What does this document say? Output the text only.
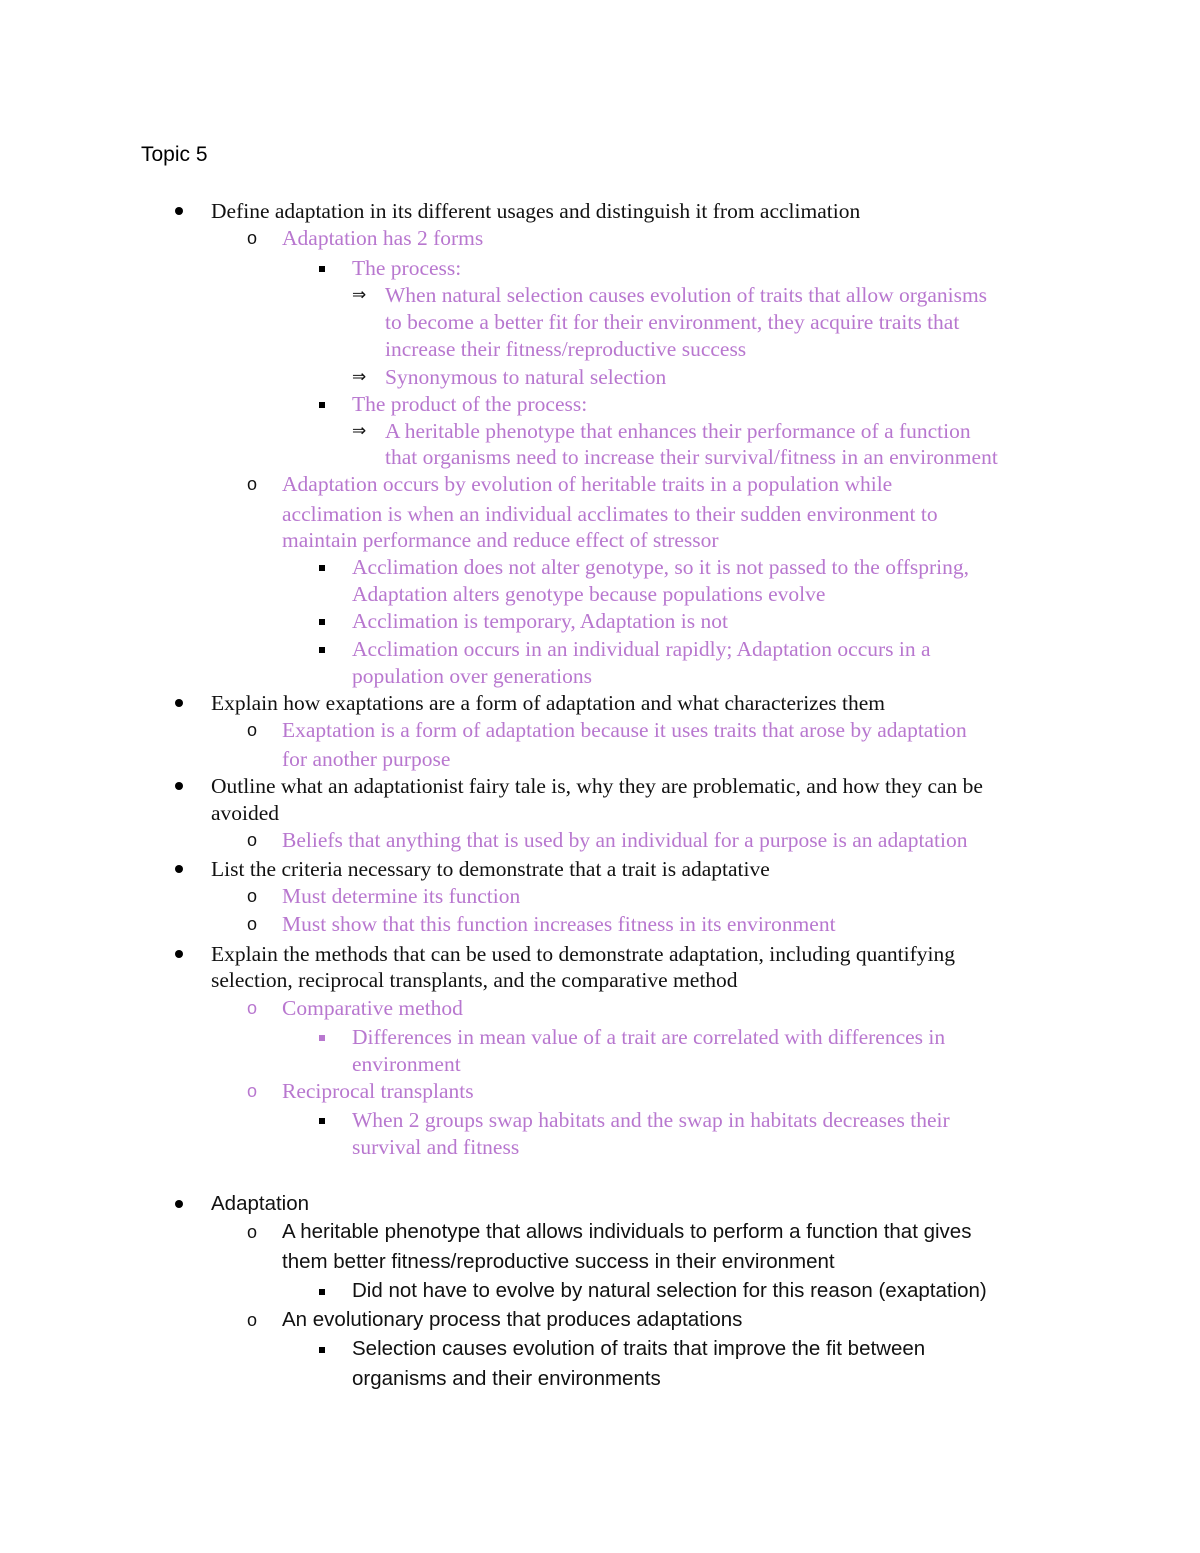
Topic 5
Define adaptation in its different usages and distinguish it from acclimation
o Adaptation has 2 forms
The process:
⇒ When natural selection causes evolution of traits that allow organisms
to become a better fit for their environment, they acquire traits that
increase their fitness/reproductive success
⇒ Synonymous to natural selection
The product of the process:
⇒ A heritable phenotype that enhances their performance of a function
that organisms need to increase their survival/fitness in an environment
o Adaptation occurs by evolution of heritable traits in a population while
acclimation is when an individual acclimates to their sudden environment to
maintain performance and reduce effect of stressor
Acclimation does not alter genotype, so it is not passed to the offspring,
Adaptation alters genotype because populations evolve
Acclimation is temporary, Adaptation is not
Acclimation occurs in an individual rapidly; Adaptation occurs in a
population over generations
Explain how exaptations are a form of adaptation and what characterizes them
o Exaptation is a form of adaptation because it uses traits that arose by adaptation
for another purpose
Outline what an adaptationist fairy tale is, why they are problematic, and how they can be
avoided
o Beliefs that anything that is used by an individual for a purpose is an adaptation
List the criteria necessary to demonstrate that a trait is adaptative
o Must determine its function
o Must show that this function increases fitness in its environment
Explain the methods that can be used to demonstrate adaptation, including quantifying
selection, reciprocal transplants, and the comparative method
o Comparative method
Differences in mean value of a trait are correlated with differences in
environment
o Reciprocal transplants
When 2 groups swap habitats and the swap in habitats decreases their
survival and fitness
Adaptation
o A heritable phenotype that allows individuals to perform a function that gives
them better fitness/reproductive success in their environment
Did not have to evolve by natural selection for this reason (exaptation)
o An evolutionary process that produces adaptations
Selection causes evolution of traits that improve the fit between
organisms and their environments
